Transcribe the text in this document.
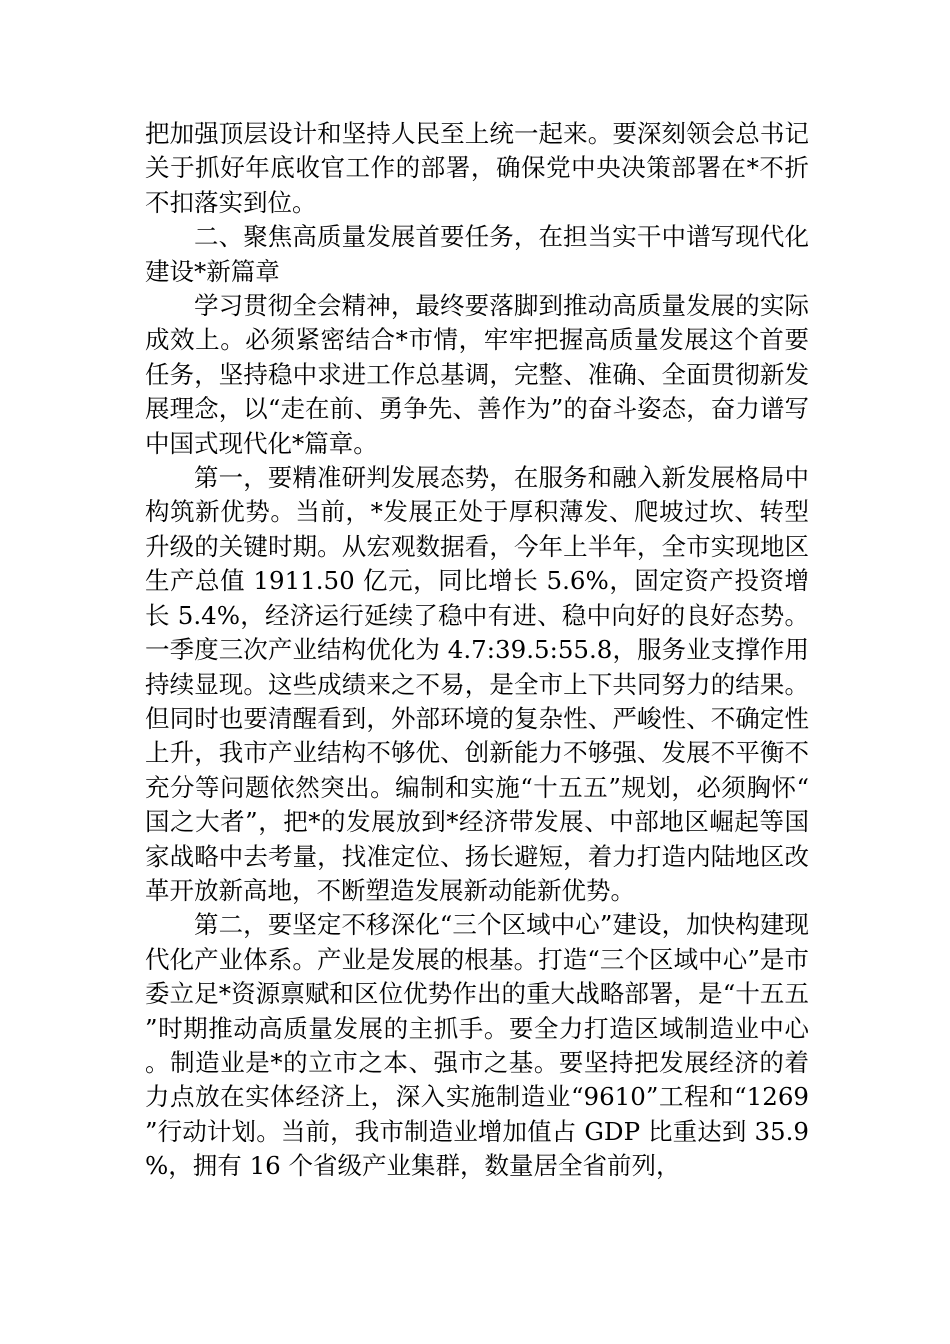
把加强顶层设计和坚持人民至上统一起来。要深刻领会总书记关于抓好年底收官工作的部署，确保党中央决策部署在*不折不扣落实到位。

二、聚焦高质量发展首要任务，在担当实干中谱写现代化建设*新篇章

学习贯彻全会精神，最终要落脚到推动高质量发展的实际成效上。必须紧密结合*市情，牢牢把握高质量发展这个首要任务，坚持稳中求进工作总基调，完整、准确、全面贯彻新发展理念，以“走在前、勇争先、善作为”的奋斗姿态，奋力谱写中国式现代化*篇章。

第一，要精准研判发展态势，在服务和融入新发展格局中构筑新优势。当前，*发展正处于厚积薄发、爬坡过坎、转型升级的关键时期。从宏观数据看，今年上半年，全市实现地区生产总值 1911.50 亿元，同比增长 5.6%，固定资产投资增长 5.4%，经济运行延续了稳中有进、稳中向好的良好态势。一季度三次产业结构优化为 4.7:39.5:55.8，服务业支撑作用持续显现。这些成绩来之不易，是全市上下共同努力的结果。但同时也要清醒看到，外部环境的复杂性、严峻性、不确定性上升，我市产业结构不够优、创新能力不够强、发展不平衡不充分等问题依然突出。编制和实施“十五五”规划，必须胸怀“国之大者”，把*的发展放到*经济带发展、中部地区崛起等国家战略中去考量，找准定位、扬长避短，着力打造内陆地区改革开放新高地，不断塑造发展新动能新优势。

第二，要坚定不移深化“三个区域中心”建设，加快构建现代化产业体系。产业是发展的根基。打造“三个区域中心”是市委立足*资源禀赋和区位优势作出的重大战略部署，是“十五五”时期推动高质量发展的主抓手。要全力打造区域制造业中心。制造业是*的立市之本、强市之基。要坚持把发展经济的着力点放在实体经济上，深入实施制造业“9610”工程和“1269”行动计划。当前，我市制造业增加值占 GDP 比重达到 35.9%，拥有 16 个省级产业集群，数量居全省前列，
